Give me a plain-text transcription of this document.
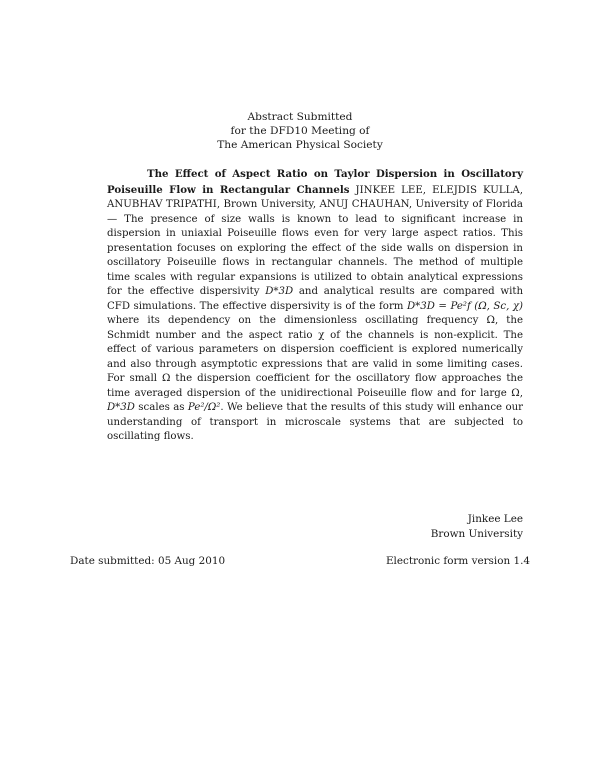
Abstract Submitted
for the DFD10 Meeting of
The American Physical Society
The Effect of Aspect Ratio on Taylor Dispersion in Oscillatory Poiseuille Flow in Rectangular Channels JINKEE LEE, ELEJDIS KULLA, ANUBHAV TRIPATHI, Brown University, ANUJ CHAUHAN, University of Florida — The presence of size walls is known to lead to significant increase in dispersion in uniaxial Poiseuille flows even for very large aspect ratios. This presentation focuses on exploring the effect of the side walls on dispersion in oscillatory Poiseuille flows in rectangular channels. The method of multiple time scales with regular expansions is utilized to obtain analytical expressions for the effective dispersivity D*3D and analytical results are compared with CFD simulations. The effective dispersivity is of the form D*3D = Pe²f (Ω, Sc, χ) where its dependency on the dimensionless oscillating frequency Ω, the Schmidt number and the aspect ratio χ of the channels is non-explicit. The effect of various parameters on dispersion coefficient is explored numerically and also through asymptotic expressions that are valid in some limiting cases. For small Ω the dispersion coefficient for the oscillatory flow approaches the time averaged dispersion of the unidirectional Poiseuille flow and for large Ω, D*3D scales as Pe²/Ω². We believe that the results of this study will enhance our understanding of transport in microscale systems that are subjected to oscillating flows.
Jinkee Lee
Brown University
Date submitted: 05 Aug 2010	Electronic form version 1.4
